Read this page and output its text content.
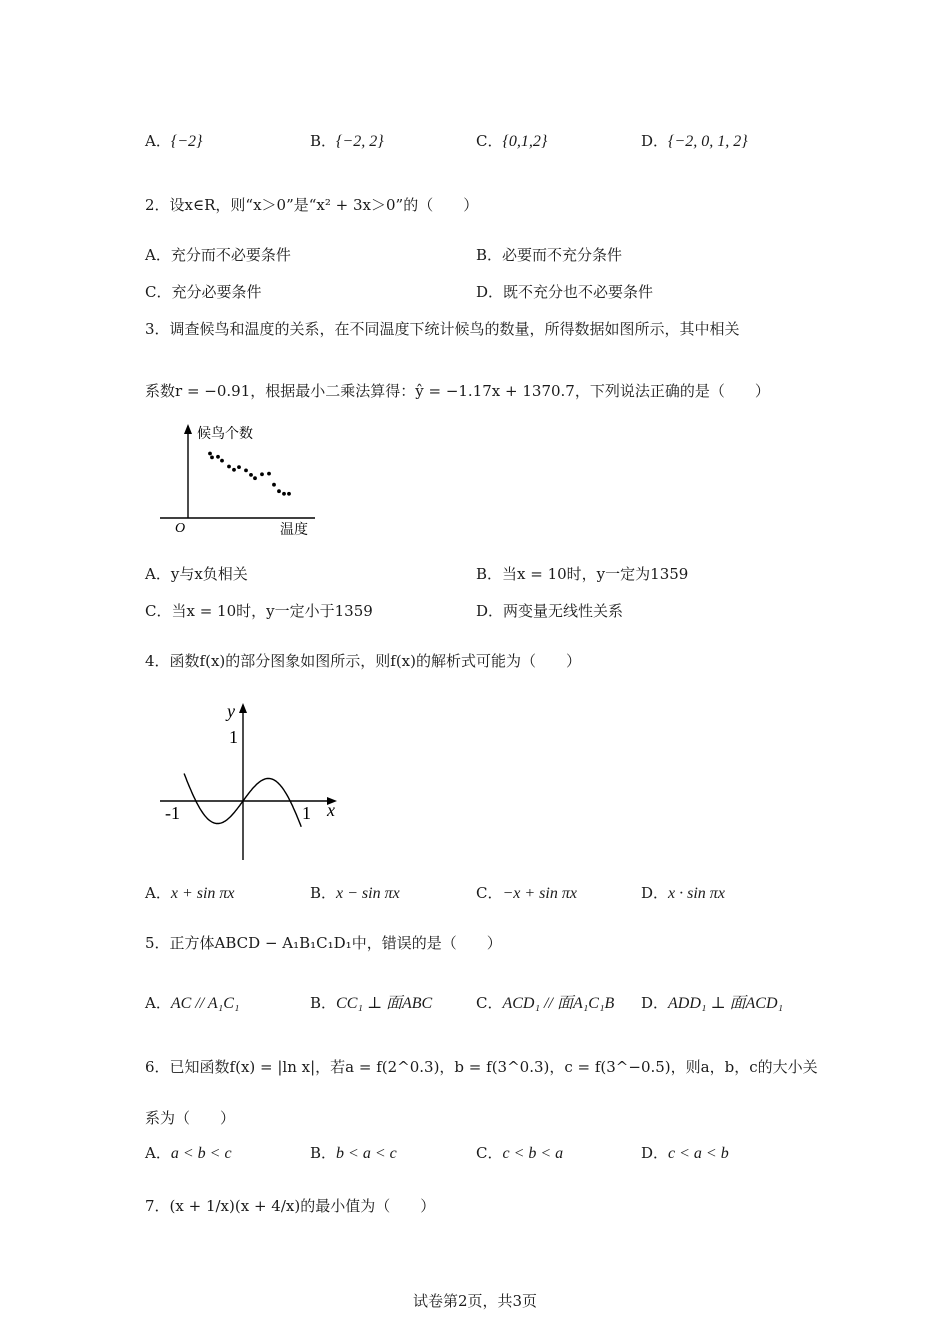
A．{−2}	B．{−2, 2}	C．{0,1,2}	D．{−2, 0, 1, 2}
2．设x∈R，则“x＞0”是“x² + 3x＞0”的（　　）
A．充分而不必要条件	B．必要而不充分条件
C．充分必要条件	D．既不充分也不必要条件
3．调查候鸟和温度的关系，在不同温度下统计候鸟的数量，所得数据如图所示，其中相关
系数r = −0.91，根据最小二乘法算得：ŷ = −1.17x + 1370.7，下列说法正确的是（　　）
候鸟个数
温度
O
A．y与x负相关	B．当x = 10时，y一定为1359
C．当x = 10时，y一定小于1359	D．两变量无线性关系
4．函数f(x)的部分图象如图所示，则f(x)的解析式可能为（　　）
y
x
1
-1	1
A．x + sin πx	B．x − sin πx	C．−x + sin πx	D．x · sin πx
5．正方体ABCD − A₁B₁C₁D₁中，错误的是（　　）
A．AC // A₁C₁	B．CC₁ ⊥ 面ABC	C．ACD₁ // 面A₁C₁B D．ADD₁ ⊥ 面ACD₁
6．已知函数f(x) = |ln x|，若a = f(2^0.3)，b = f(3^0.3)，c = f(3^−0.5)，则a，b，c的大小关
系为（　　）
A．a < b < c	B．b < a < c	C．c < b < a	D．c < a < b
7．(x + 1/x)(x + 4/x)的最小值为（　　）
试卷第2页，共3页
